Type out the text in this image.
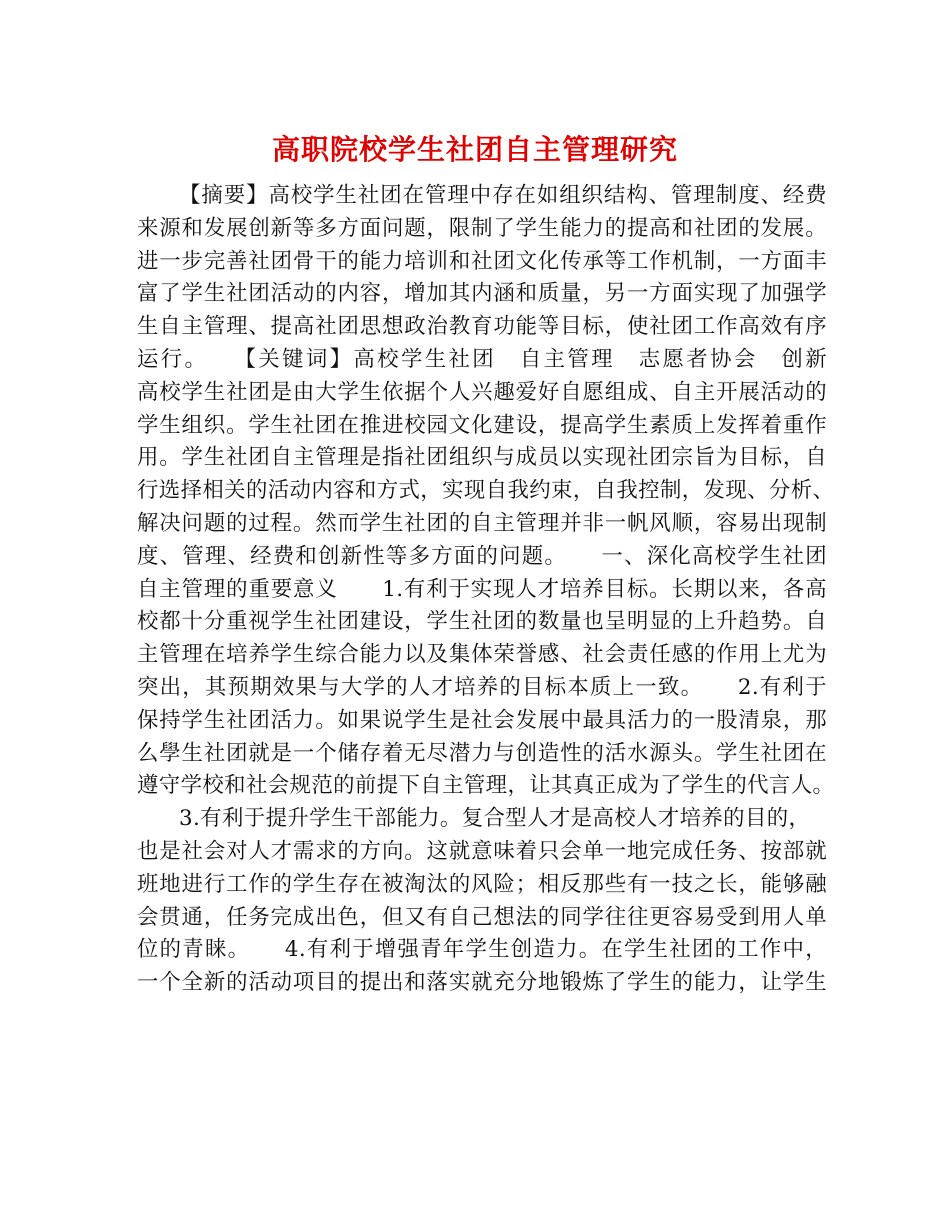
高职院校学生社团自主管理研究
【摘要】高校学生社团在管理中存在如组织结构、管理制度、经费
来源和发展创新等多方面问题，限制了学生能力的提高和社团的发展。
进一步完善社团骨干的能力培训和社团文化传承等工作机制，一方面丰
富了学生社团活动的内容，增加其内涵和质量，另一方面实现了加强学
生自主管理、提高社团思想政治教育功能等目标，使社团工作高效有序
运行。　　【关键词】高校学生社团　自主管理　志愿者协会　创新
高校学生社团是由大学生依据个人兴趣爱好自愿组成、自主开展活动的
学生组织。学生社团在推进校园文化建设，提高学生素质上发挥着重作
用。学生社团自主管理是指社团组织与成员以实现社团宗旨为目标，自
行选择相关的活动内容和方式，实现自我约束，自我控制，发现、分析、
解决问题的过程。然而学生社团的自主管理并非一帆风顺，容易出现制
度、管理、经费和创新性等多方面的问题。　　一、深化高校学生社团
自主管理的重要意义　　1.有利于实现人才培养目标。长期以来，各高
校都十分重视学生社团建设，学生社团的数量也呈明显的上升趋势。自
主管理在培养学生综合能力以及集体荣誉感、社会责任感的作用上尤为
突出，其预期效果与大学的人才培养的目标本质上一致。　　2.有利于
保持学生社团活力。如果说学生是社会发展中最具活力的一股清泉，那
么學生社团就是一个储存着无尽潜力与创造性的活水源头。学生社团在
遵守学校和社会规范的前提下自主管理，让其真正成为了学生的代言人。
3.有利于提升学生干部能力。复合型人才是高校人才培养的目的，
也是社会对人才需求的方向。这就意味着只会单一地完成任务、按部就
班地进行工作的学生存在被淘汰的风险；相反那些有一技之长，能够融
会贯通，任务完成出色，但又有自己想法的同学往往更容易受到用人单
位的青睐。　　4.有利于增强青年学生创造力。在学生社团的工作中，
一个全新的活动项目的提出和落实就充分地锻炼了学生的能力，让学生
